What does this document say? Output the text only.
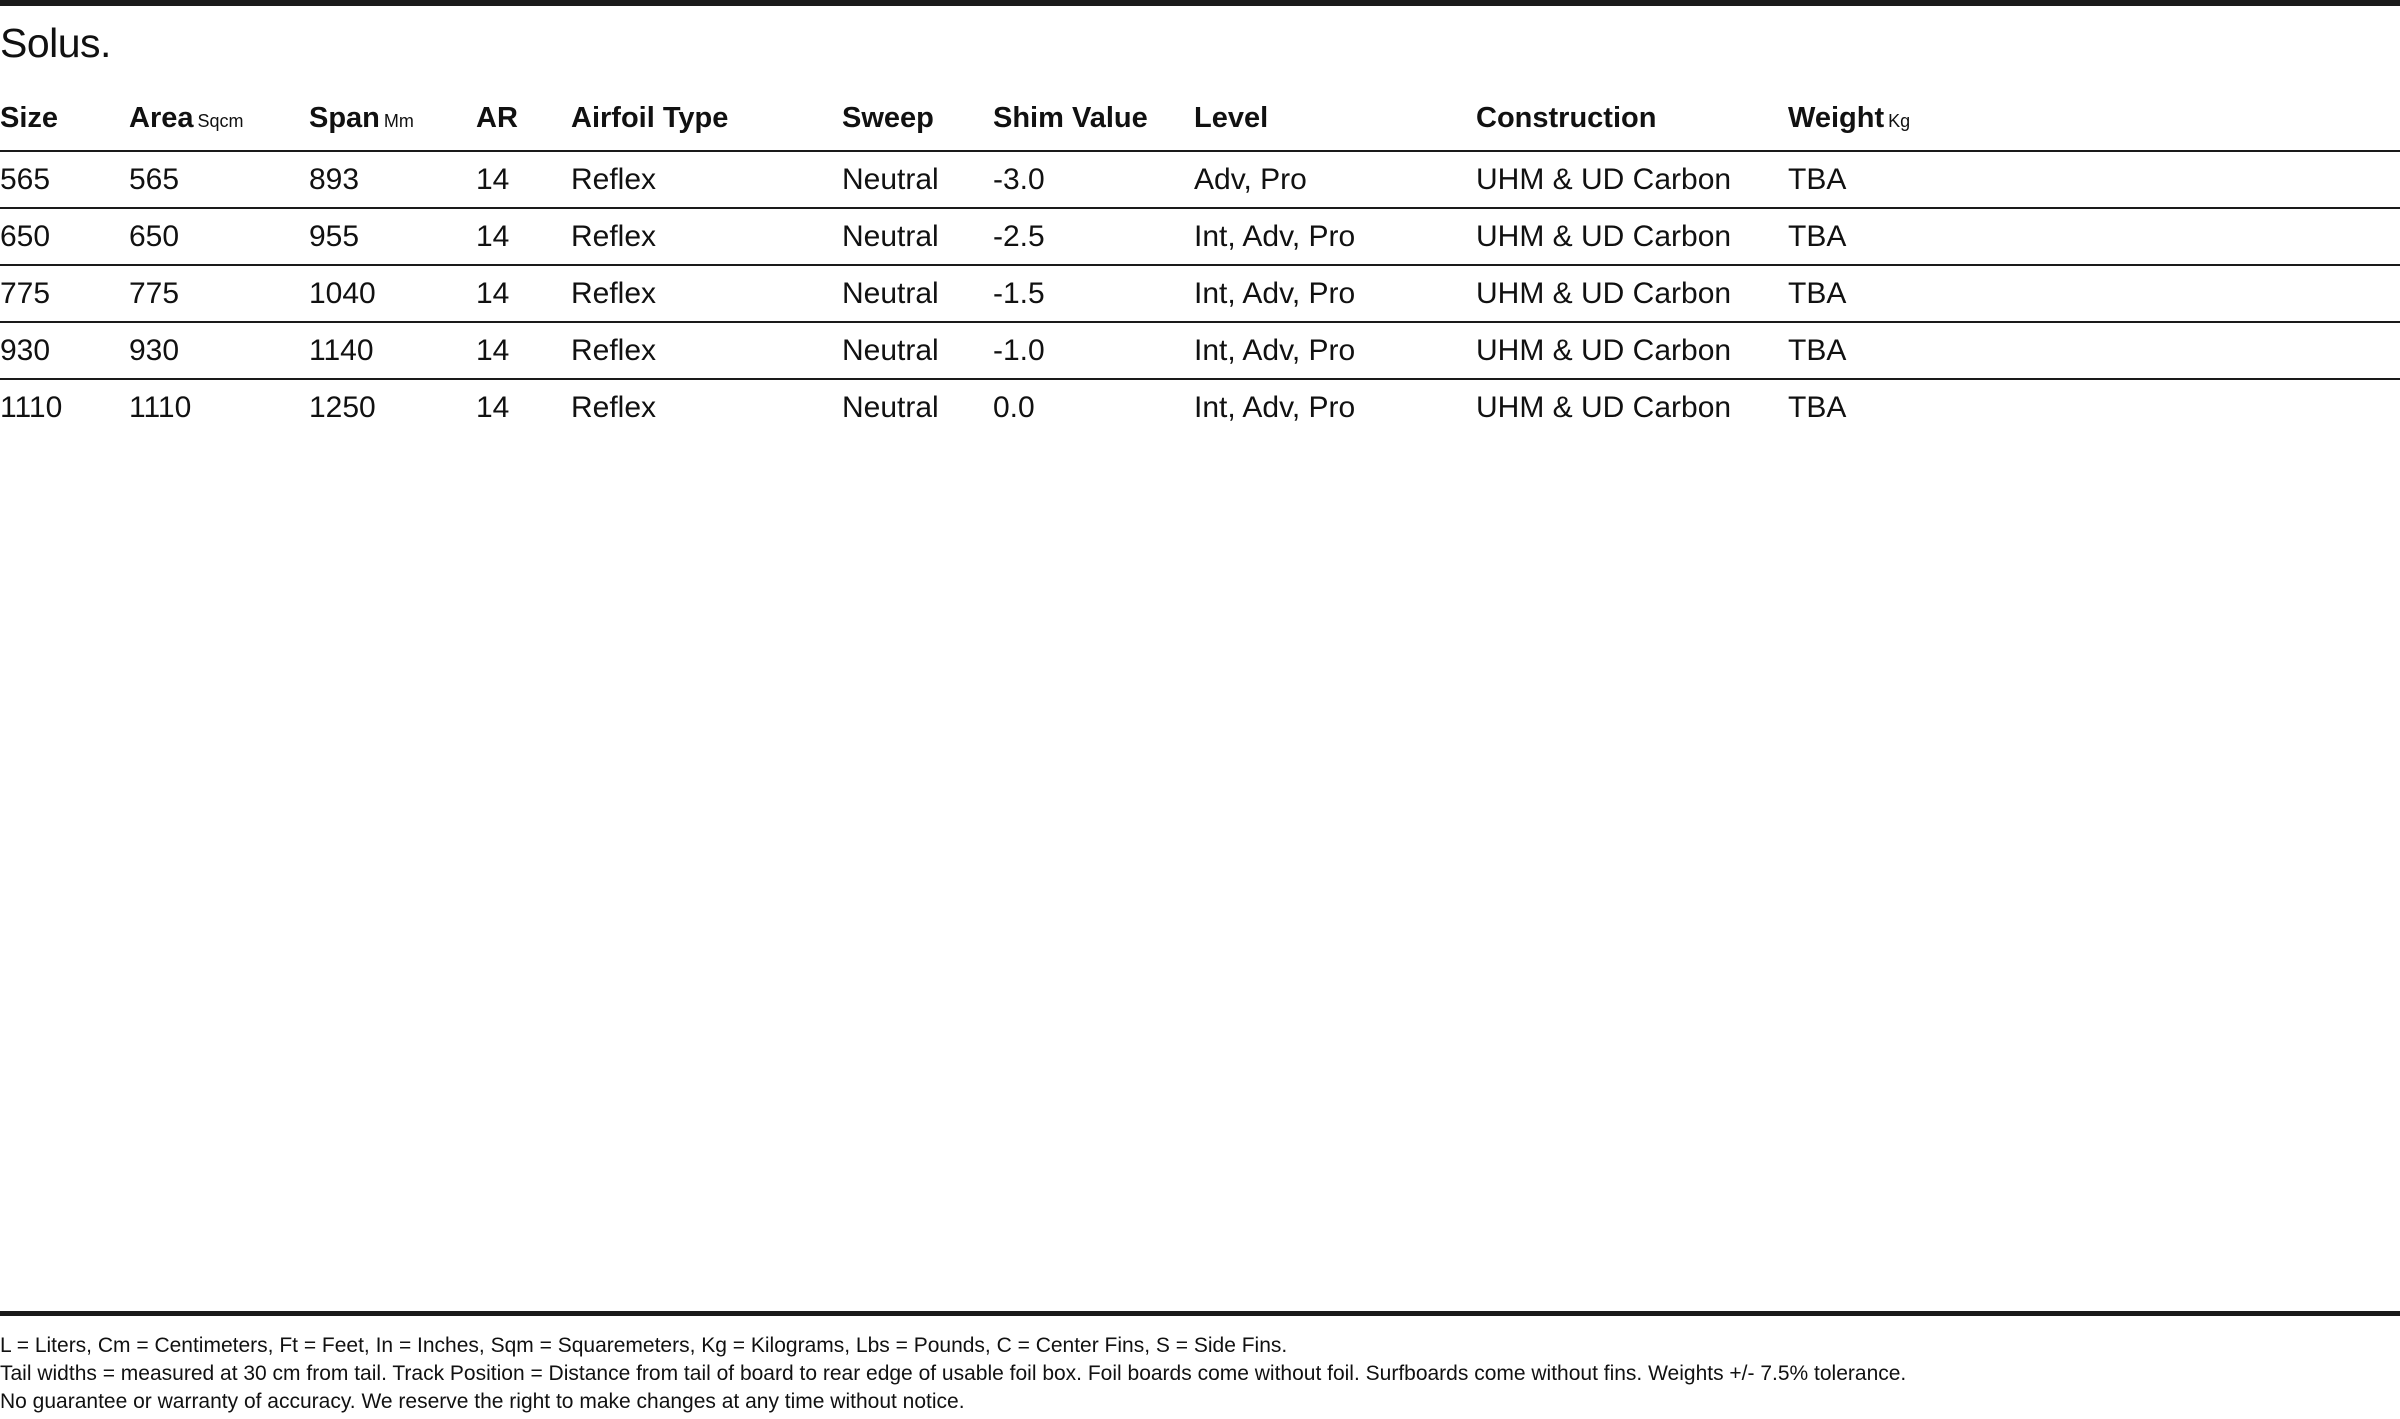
Solus.
Size	Area Sqcm	Span Mm	AR	Airfoil Type	Sweep	Shim Value	Level	Construction	Weight Kg
565	565	893	14	Reflex	Neutral	-3.0	Adv, Pro	UHM & UD Carbon	TBA
650	650	955	14	Reflex	Neutral	-2.5	Int, Adv, Pro	UHM & UD Carbon	TBA
775	775	1040	14	Reflex	Neutral	-1.5	Int, Adv, Pro	UHM & UD Carbon	TBA
930	930	1140	14	Reflex	Neutral	-1.0	Int, Adv, Pro	UHM & UD Carbon	TBA
1110	1110	1250	14	Reflex	Neutral	0.0	Int, Adv, Pro	UHM & UD Carbon	TBA
L = Liters, Cm = Centimeters, Ft = Feet, In = Inches, Sqm = Squaremeters, Kg = Kilograms, Lbs = Pounds, C = Center Fins, S = Side Fins.
Tail widths = measured at 30 cm from tail. Track Position = Distance from tail of board to rear edge of usable foil box. Foil boards come without foil. Surfboards come without fins. Weights +/- 7.5% tolerance.
No guarantee or warranty of accuracy. We reserve the right to make changes at any time without notice.
